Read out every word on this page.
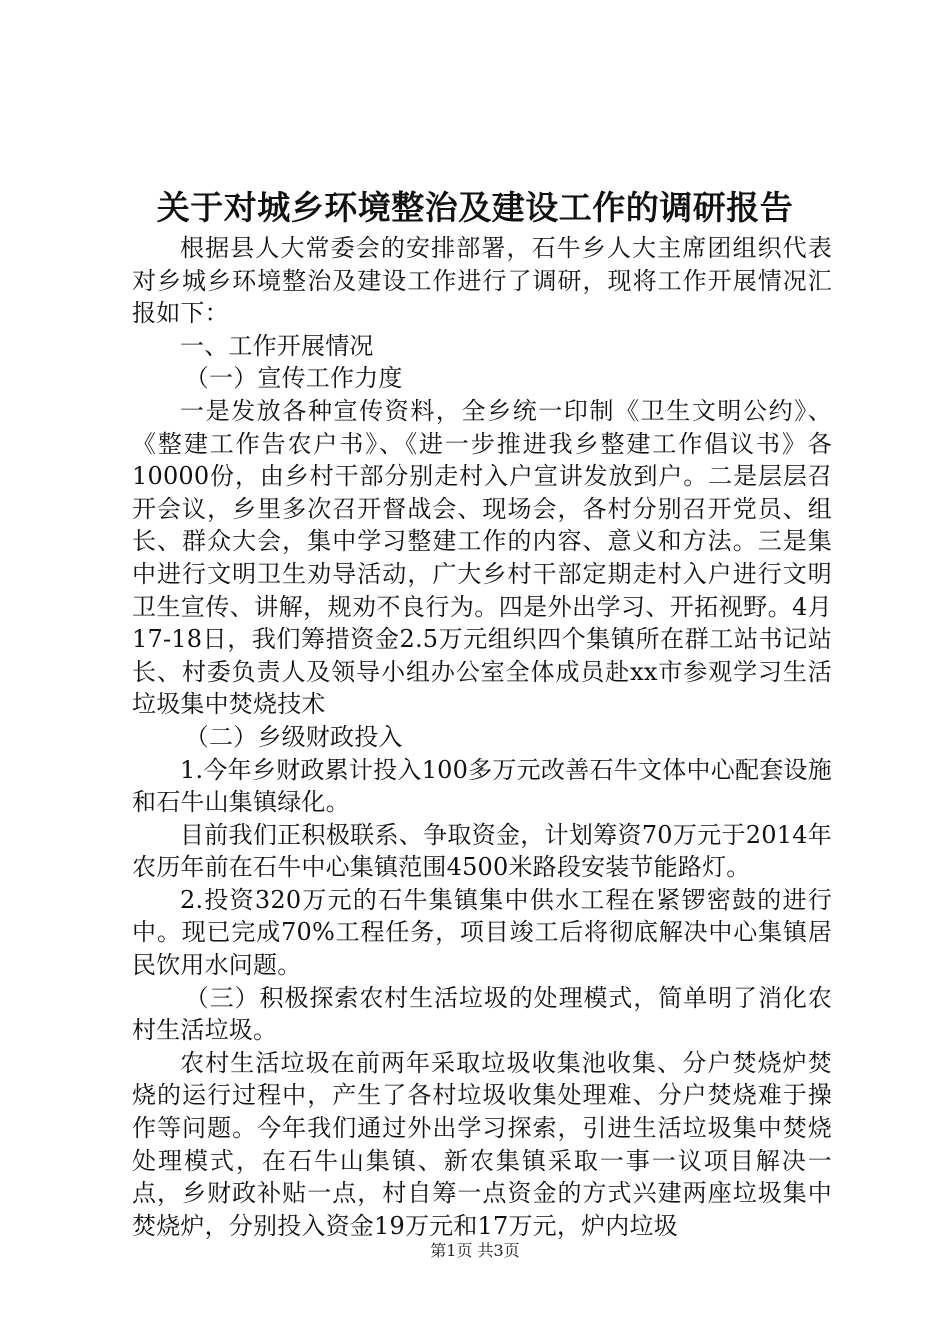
关于对城乡环境整治及建设工作的调研报告

根据县人大常委会的安排部署，石牛乡人大主席团组织代表对乡城乡环境整治及建设工作进行了调研，现将工作开展情况汇报如下：

一、工作开展情况

（一）宣传工作力度

一是发放各种宣传资料，全乡统一印制《卫生文明公约》、《整建工作告农户书》、《进一步推进我乡整建工作倡议书》各10000份，由乡村干部分别走村入户宣讲发放到户。二是层层召开会议，乡里多次召开督战会、现场会，各村分别召开党员、组长、群众大会，集中学习整建工作的内容、意义和方法。三是集中进行文明卫生劝导活动，广大乡村干部定期走村入户进行文明卫生宣传、讲解，规劝不良行为。四是外出学习、开拓视野。4月17-18日，我们筹措资金2.5万元组织四个集镇所在群工站书记站长、村委负责人及领导小组办公室全体成员赴xx市参观学习生活垃圾集中焚烧技术

（二）乡级财政投入

1.今年乡财政累计投入100多万元改善石牛文体中心配套设施和石牛山集镇绿化。

目前我们正积极联系、争取资金，计划筹资70万元于2014年农历年前在石牛中心集镇范围4500米路段安装节能路灯。

2.投资320万元的石牛集镇集中供水工程在紧锣密鼓的进行中。现已完成70%工程任务，项目竣工后将彻底解决中心集镇居民饮用水问题。

（三）积极探索农村生活垃圾的处理模式，简单明了消化农村生活垃圾。

农村生活垃圾在前两年采取垃圾收集池收集、分户焚烧炉焚烧的运行过程中，产生了各村垃圾收集处理难、分户焚烧难于操作等问题。今年我们通过外出学习探索，引进生活垃圾集中焚烧处理模式，在石牛山集镇、新农集镇采取一事一议项目解决一点，乡财政补贴一点，村自筹一点资金的方式兴建两座垃圾集中焚烧炉，分别投入资金19万元和17万元，炉内垃圾

第1页 共3页
